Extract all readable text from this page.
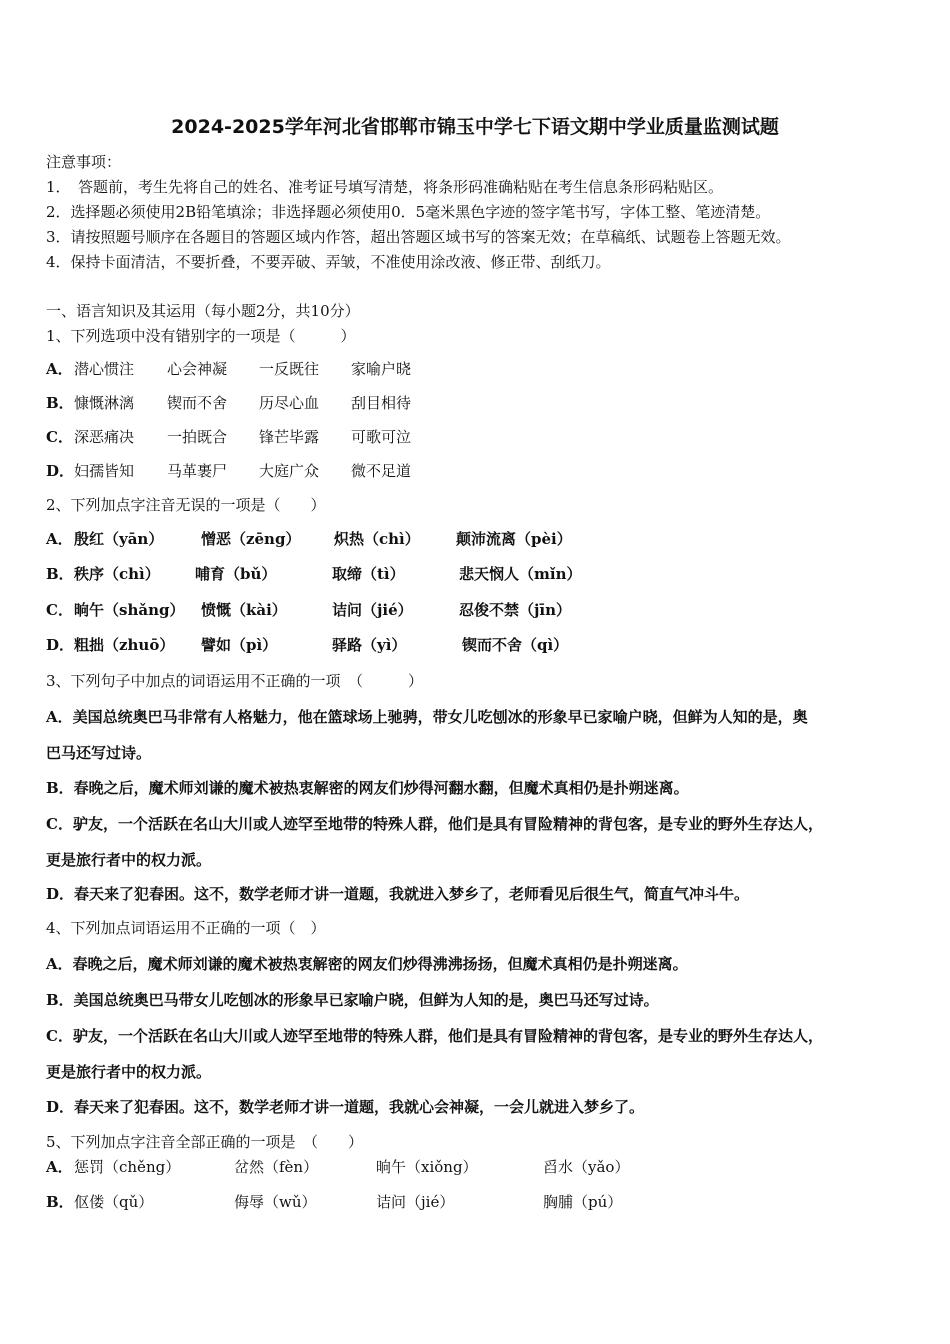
2024-2025学年河北省邯郸市锦玉中学七下语文期中学业质量监测试题
注意事项：
1．　答题前，考生先将自己的姓名、准考证号填写清楚，将条形码准确粘贴在考生信息条形码粘贴区。
2．选择题必须使用2B铅笔填涂；非选择题必须使用0．5毫米黑色字迹的签字笔书写，字体工整、笔迹清楚。
3．请按照题号顺序在各题目的答题区域内作答，超出答题区域书写的答案无效；在草稿纸、试题卷上答题无效。
4．保持卡面清洁，不要折叠，不要弄破、弄皱，不准使用涂改液、修正带、刮纸刀。
一、语言知识及其运用（每小题2分，共10分）
1、下列选项中没有错别字的一项是（　　　）
A． 潜心惯注 心会神凝 一反既往 家喻户晓
B． 慷慨淋漓 锲而不舍 历尽心血 刮目相待
C． 深恶痛决 一拍既合 锋芒毕露 可歌可泣
D． 妇孺皆知 马革裹尸 大庭广众 微不足道
2、下列加点字注音无误的一项是（　　）
A． 殷红（yān）	憎恶（zēng） 炽热（chì） 颠沛流离（pèi）
B． 秩序（chì） 哺育（bǔ）	取缔（tì）	悲天悯人（mǐn）
C． 晌午（shǎng） 愤慨（kài）	诘问（jié）	忍俊不禁（jīn）
D． 粗拙（zhuō） 譬如（pì）	驿路（yì）	锲而不舍（qì）
3、下列句子中加点的词语运用不正确的一项　（　　　）
A．美国总统奥巴马非常有人格魅力，他在篮球场上驰骋，带女儿吃刨冰的形象早已家喻户晓，但鲜为人知的是，奥
巴马还写过诗。
B．春晚之后，魔术师刘谦的魔术被热衷解密的网友们炒得河翻水翻，但魔术真相仍是扑朔迷离。
C．驴友，一个活跃在名山大川或人迹罕至地带的特殊人群，他们是具有冒险精神的背包客，是专业的野外生存达人，
更是旅行者中的权力派。
D．春天来了犯春困。这不，数学老师才讲一道题，我就进入梦乡了，老师看见后很生气，简直气冲斗牛。
4、下列加点词语运用不正确的一项（　）
A．春晚之后，魔术师刘谦的魔术被热衷解密的网友们炒得沸沸扬扬，但魔术真相仍是扑朔迷离。
B．美国总统奥巴马带女儿吃刨冰的形象早已家喻户晓，但鲜为人知的是，奥巴马还写过诗。
C．驴友，一个活跃在名山大川或人迹罕至地带的特殊人群，他们是具有冒险精神的背包客，是专业的野外生存达人，
更是旅行者中的权力派。
D．春天来了犯春困。这不，数学老师才讲一道题，我就心会神凝，一会儿就进入梦乡了。
5、下列加点字注音全部正确的一项是　（　　）
A． 惩罚（chěng）	岔然（fèn）	晌午（xiǒng）	舀水（yǎo）
B． 伛偻（qǔ）	侮辱（wǔ）	诘问（jié）	胸脯（pú）
